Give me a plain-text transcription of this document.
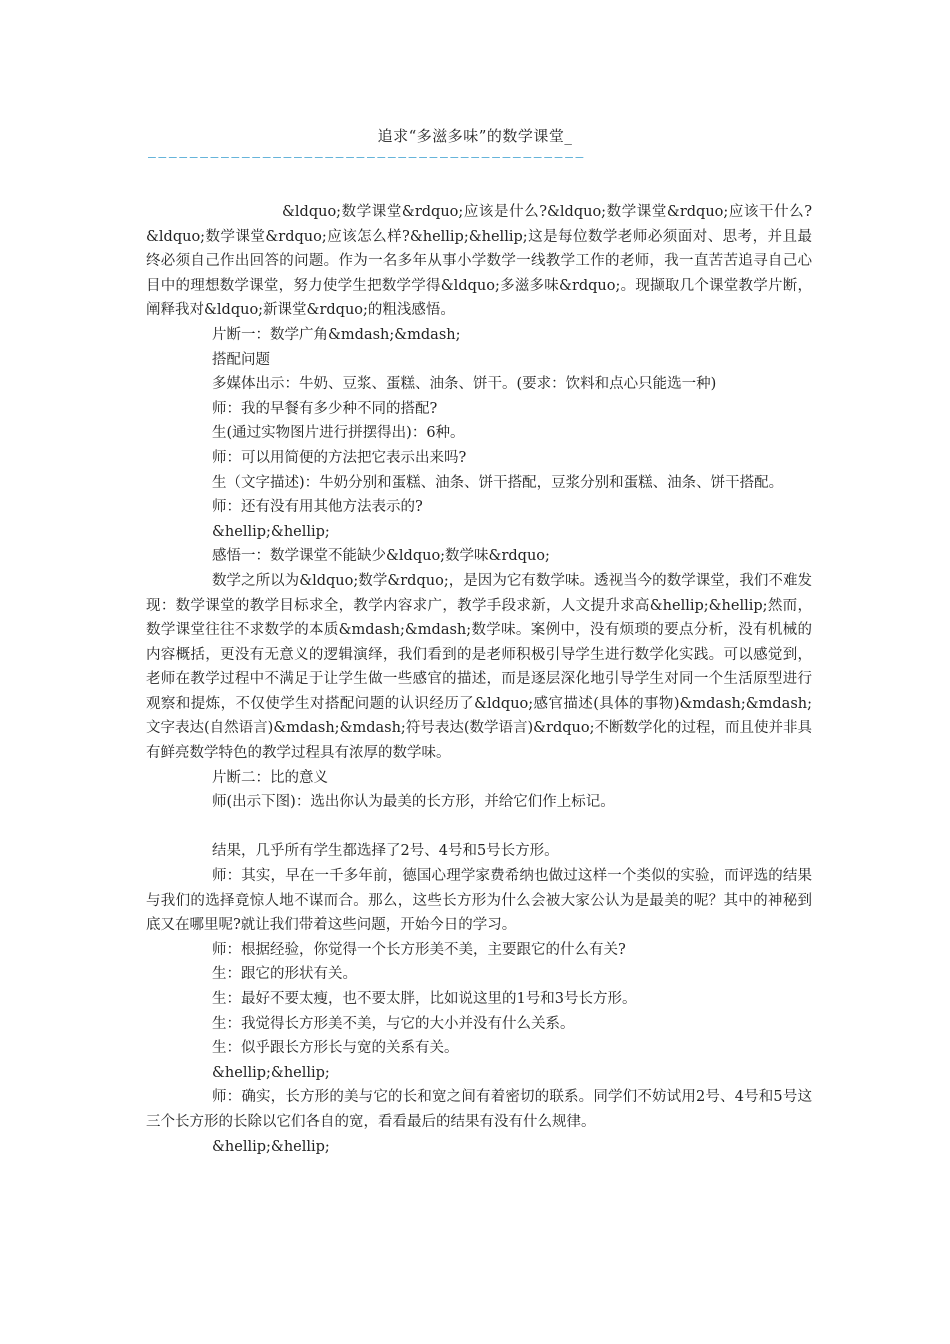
追求“多滋多味”的数学课堂_
——————————————————————————————————————————

&ldquo;数学课堂&rdquo;应该是什么?&ldquo;数学课堂&rdquo;应该干什么?&ldquo;数学课堂&rdquo;应该怎么样?&hellip;&hellip;这是每位数学老师必须面对、思考，并且最终必须自己作出回答的问题。作为一名多年从事小学数学一线教学工作的老师，我一直苦苦追寻自己心目中的理想数学课堂，努力使学生把数学学得&ldquo;多滋多味&rdquo;。现撷取几个课堂教学片断，阐释我对&ldquo;新课堂&rdquo;的粗浅感悟。

片断一：数学广角&mdash;&mdash;

搭配问题

多媒体出示：牛奶、豆浆、蛋糕、油条、饼干。(要求：饮料和点心只能选一种)

师：我的早餐有多少种不同的搭配?

生(通过实物图片进行拼摆得出)：6种。

师：可以用简便的方法把它表示出来吗?

生（文字描述)：牛奶分别和蛋糕、油条、饼干搭配，豆浆分别和蛋糕、油条、饼干搭配。

师：还有没有用其他方法表示的?

&hellip;&hellip;

感悟一：数学课堂不能缺少&ldquo;数学味&rdquo;

数学之所以为&ldquo;数学&rdquo;，是因为它有数学味。透视当今的数学课堂，我们不难发现：数学课堂的教学目标求全，教学内容求广，教学手段求新，人文提升求高&hellip;&hellip;然而，数学课堂往往不求数学的本质&mdash;&mdash;数学味。案例中，没有烦琐的要点分析，没有机械的内容概括，更没有无意义的逻辑演绎，我们看到的是老师积极引导学生进行数学化实践。可以感觉到，老师在教学过程中不满足于让学生做一些感官的描述，而是逐层深化地引导学生对同一个生活原型进行观察和提炼，不仅使学生对搭配问题的认识经历了&ldquo;感官描述(具体的事物)&mdash;&mdash;文字表达(自然语言)&mdash;&mdash;符号表达(数学语言)&rdquo;不断数学化的过程，而且使并非具有鲜亮数学特色的教学过程具有浓厚的数学味。

片断二：比的意义

师(出示下图)：选出你认为最美的长方形，并给它们作上标记。

结果，几乎所有学生都选择了2号、4号和5号长方形。

师：其实，早在一千多年前，德国心理学家费希纳也做过这样一个类似的实验，而评选的结果与我们的选择竟惊人地不谋而合。那么，这些长方形为什么会被大家公认为是最美的呢？其中的神秘到底又在哪里呢?就让我们带着这些问题，开始今日的学习。

师：根据经验，你觉得一个长方形美不美，主要跟它的什么有关?

生：跟它的形状有关。

生：最好不要太瘦，也不要太胖，比如说这里的1号和3号长方形。

生：我觉得长方形美不美，与它的大小并没有什么关系。

生：似乎跟长方形长与宽的关系有关。

&hellip;&hellip;

师：确实，长方形的美与它的长和宽之间有着密切的联系。同学们不妨试用2号、4号和5号这三个长方形的长除以它们各自的宽，看看最后的结果有没有什么规律。

&hellip;&hellip;
